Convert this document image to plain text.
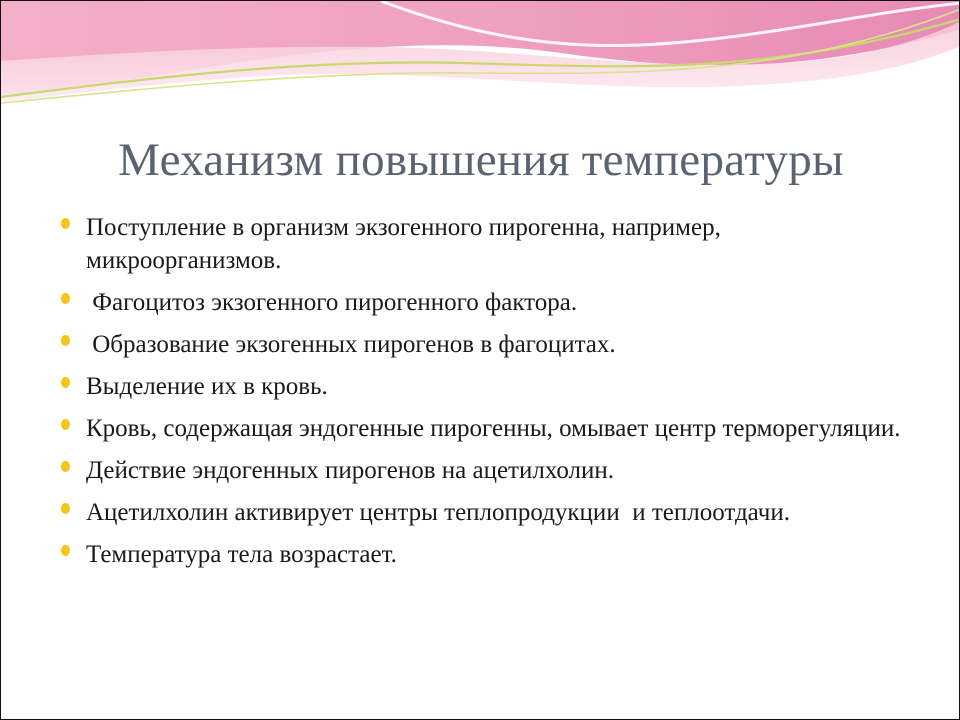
Механизм повышения температуры
Поступление в организм экзогенного пирогенна, например, микроорганизмов.
Фагоцитоз экзогенного пирогенного фактора.
Образование экзогенных пирогенов в фагоцитах.
Выделение их в кровь.
Кровь, содержащая эндогенные пирогенны, омывает центр терморегуляции.
Действие эндогенных пирогенов на ацетилхолин.
Ацетилхолин активирует центры теплопродукции  и теплоотдачи.
Температура тела возрастает.
